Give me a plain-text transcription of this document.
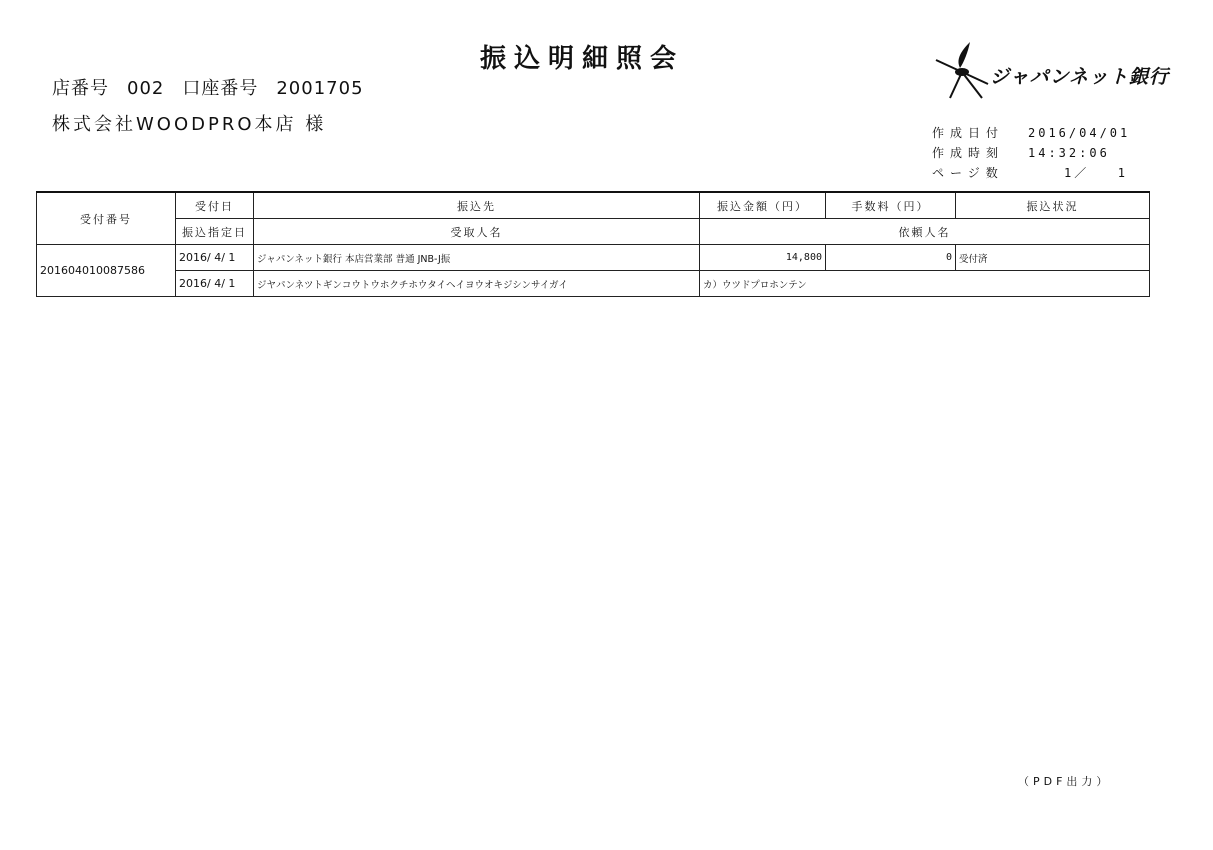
振込明細照会
店番号 002 口座番号 2001705
株式会社WOODPRO本店 様
ジャパンネット銀行
作成日付	2016/04/01
作成時刻	14:32:06
ページ数	1／ 1
受付番号	受付日	振込先	振込金額（円）	手数料（円）	振込状況
	振込指定日	受取人名	依頼人名		
201604010087586	2016/ 4/ 1	ジャパンネット銀行 本店営業部 普通 JNB-J振	14,800	0	受付済
	2016/ 4/ 1	ジヤパンネツトギンコウトウホクチホウタイヘイヨウオキジシンサイガイ	カ）ウツドプロホンテン		
（PDF出力）
